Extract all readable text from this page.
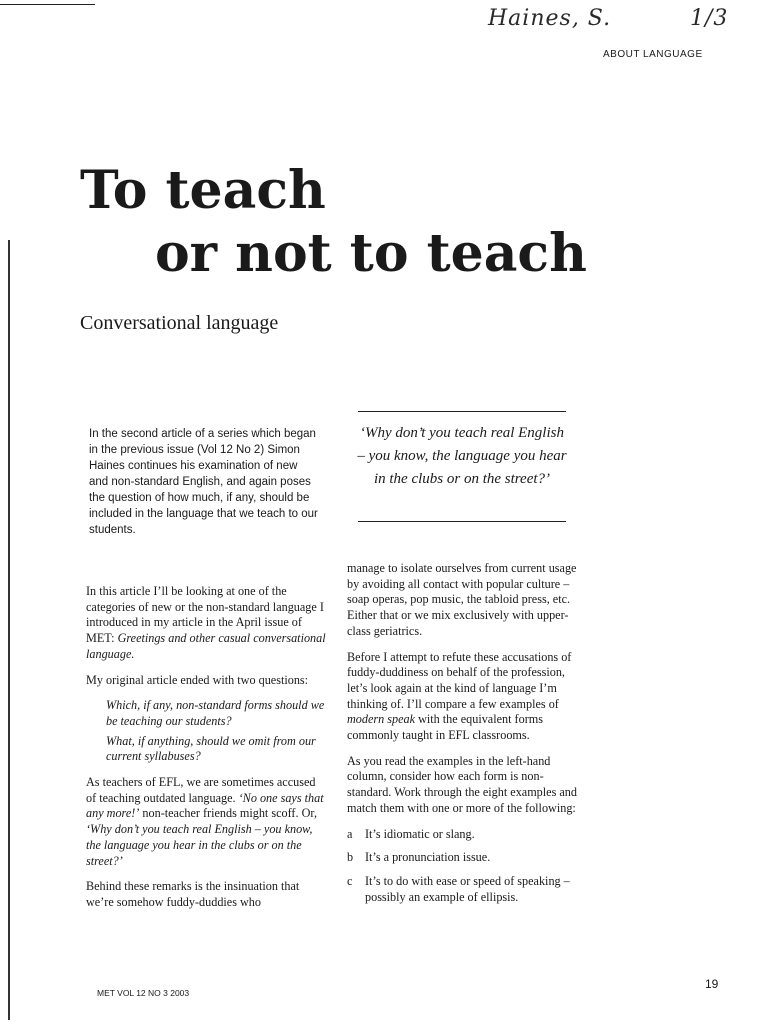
Haines, S.	1/3
ABOUT LANGUAGE
To teach
or not to teach
Conversational language
In the second article of a series which began in the previous issue (Vol 12 No 2) Simon Haines continues his examination of new and non-standard English, and again poses the question of how much, if any, should be included in the language that we teach to our students.
‘Why don’t you teach real English – you know, the language you hear in the clubs or on the street?’

In this article I’ll be looking at one of the categories of new or the non-standard language I introduced in my article in the April issue of MET: Greetings and other casual conversational language.

My original article ended with two questions:

Which, if any, non-standard forms should we be teaching our students?
What, if anything, should we omit from our current syllabuses?

As teachers of EFL, we are sometimes accused of teaching outdated language. ‘No one says that any more!’ non-teacher friends might scoff. Or, ‘Why don’t you teach real English – you know, the language you hear in the clubs or on the street?’

Behind these remarks is the insinuation that we’re somehow fuddy-duddies who

manage to isolate ourselves from current usage by avoiding all contact with popular culture – soap operas, pop music, the tabloid press, etc. Either that or we mix exclusively with upper-class geriatrics.

Before I attempt to refute these accusations of fuddy-duddiness on behalf of the profession, let’s look again at the kind of language I’m thinking of. I’ll compare a few examples of modern speak with the equivalent forms commonly taught in EFL classrooms.

As you read the examples in the left-hand column, consider how each form is non-standard. Work through the eight examples and match them with one or more of the following:

a	It’s idiomatic or slang.
b It’s a pronunciation issue.
c	It’s to do with ease or speed of speaking – possibly an example of ellipsis.
MET VOL 12 NO 3 2003
19
